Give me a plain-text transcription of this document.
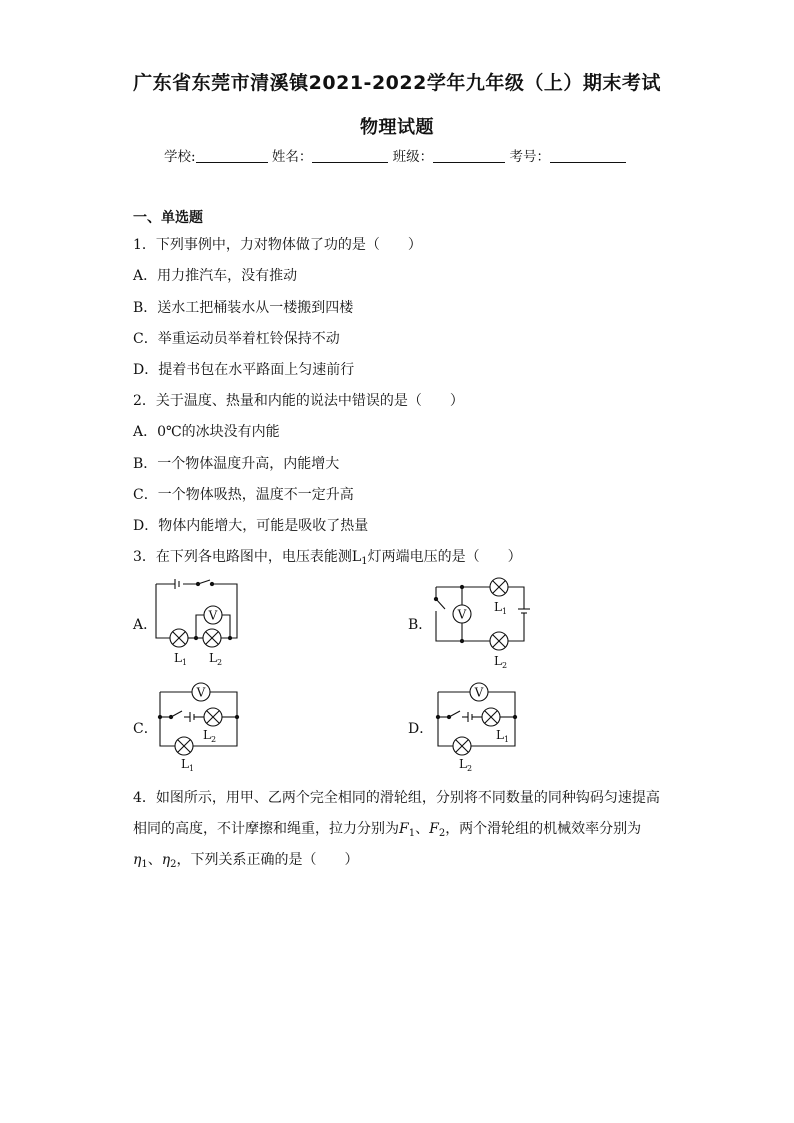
广东省东莞市清溪镇2021-2022学年九年级（上）期末考试
物理试题
学校:	姓名：	班级：	考号：
一、单选题
1．下列事例中，力对物体做了功的是（　　）
A．用力推汽车，没有推动
B．送水工把桶装水从一楼搬到四楼
C．举重运动员举着杠铃保持不动
D．提着书包在水平路面上匀速前行
2．关于温度、热量和内能的说法中错误的是（　　）
A．0℃的冰块没有内能
B．一个物体温度升高，内能增大
C．一个物体吸热，温度不一定升高
D．物体内能增大，可能是吸收了热量
3．在下列各电路图中，电压表能测$L_1$灯两端电压的是（　　）
A．	B．
C．	D．
V
$L_1$ $L_2$
V
$L_1$
$L_2$
V
$L_2$
$L_1$
V
$L_1$
$L_2$
4．如图所示，用甲、乙两个完全相同的滑轮组，分别将不同数量的同种钩码匀速提高
相同的高度，不计摩擦和绳重，拉力分别为$F_1$、$F_2$，两个滑轮组的机械效率分别为
$\eta_1$、$\eta_2$，下列关系正确的是（　　）
